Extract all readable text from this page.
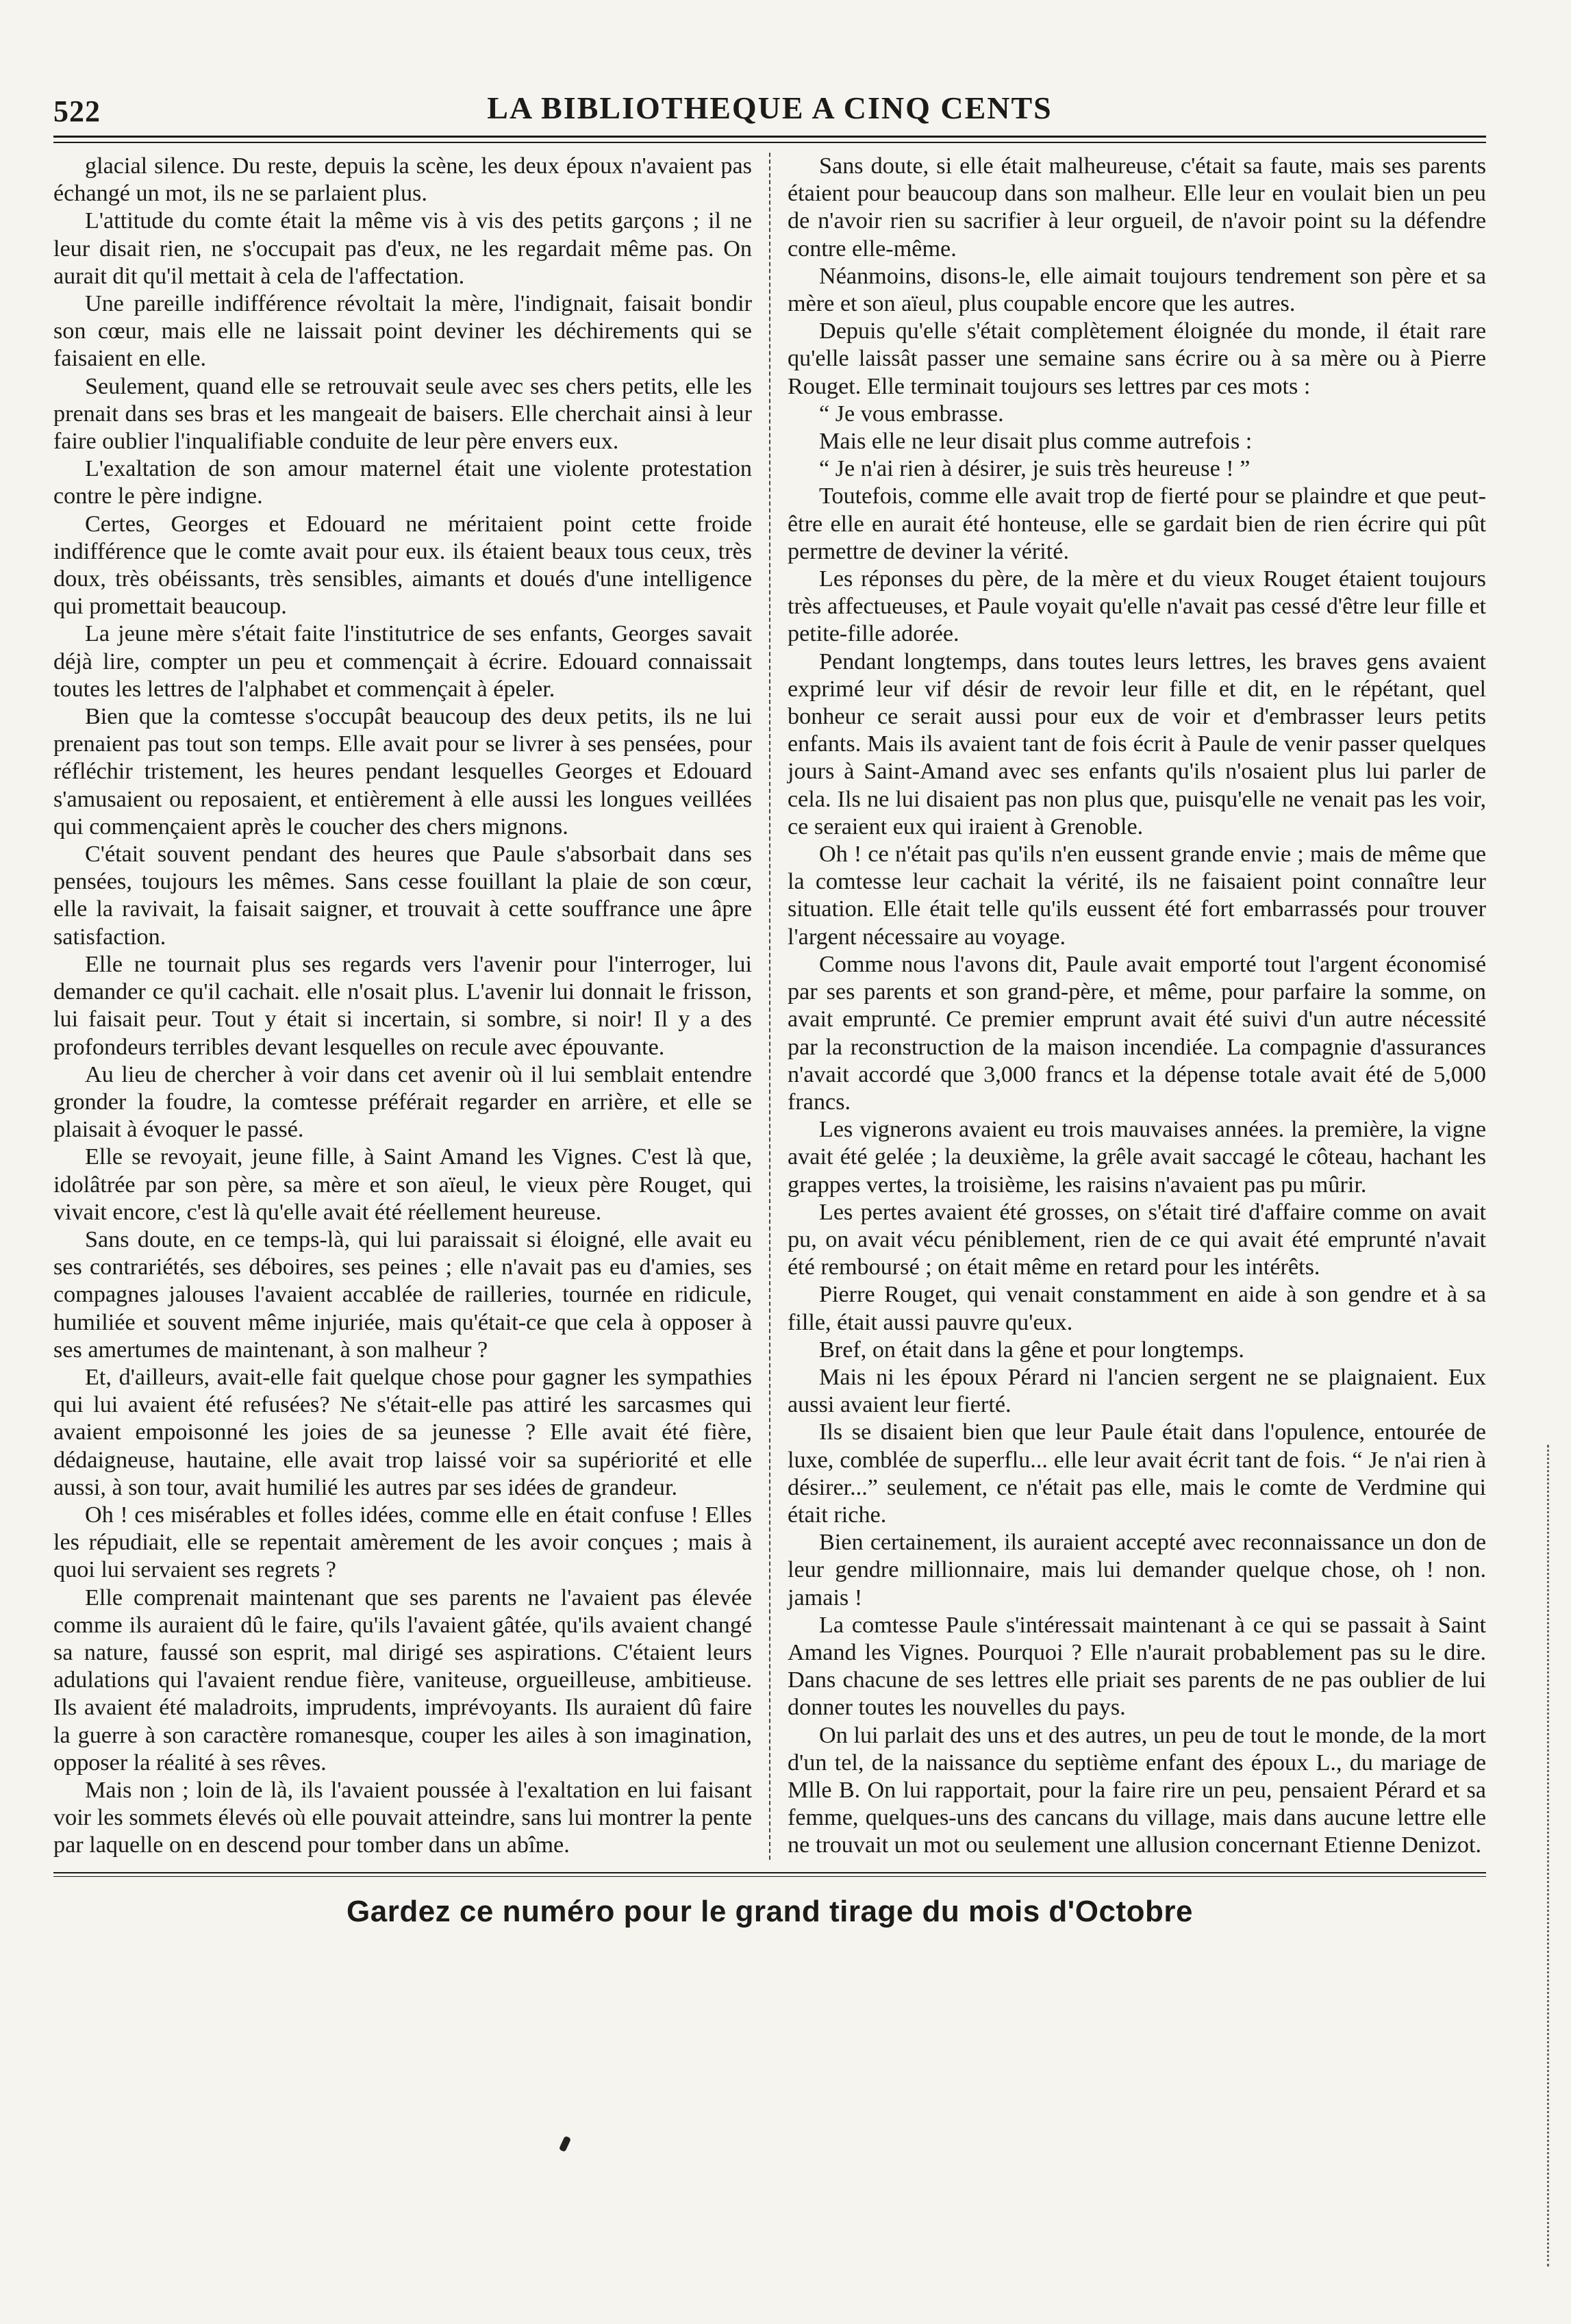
522	LA BIBLIOTHEQUE A CINQ CENTS

glacial silence. Du reste, depuis la scène, les deux époux n'avaient pas échangé un mot, ils ne se parlaient plus.

L'attitude du comte était la même vis à vis des petits garçons ; il ne leur disait rien, ne s'occupait pas d'eux, ne les regardait même pas. On aurait dit qu'il mettait à cela de l'affectation.

Une pareille indifférence révoltait la mère, l'indignait, faisait bondir son cœur, mais elle ne laissait point deviner les déchirements qui se faisaient en elle.

Seulement, quand elle se retrouvait seule avec ses chers petits, elle les prenait dans ses bras et les mangeait de baisers. Elle cherchait ainsi à leur faire oublier l'inqualifiable conduite de leur père envers eux.

L'exaltation de son amour maternel était une violente protestation contre le père indigne.

Certes, Georges et Edouard ne méritaient point cette froide indifférence que le comte avait pour eux. ils étaient beaux tous ceux, très doux, très obéissants, très sensibles, aimants et doués d'une intelligence qui promettait beaucoup.

La jeune mère s'était faite l'institutrice de ses enfants, Georges savait déjà lire, compter un peu et commençait à écrire. Edouard connaissait toutes les lettres de l'alphabet et commençait à épeler.

Bien que la comtesse s'occupât beaucoup des deux petits, ils ne lui prenaient pas tout son temps. Elle avait pour se livrer à ses pensées, pour réfléchir tristement, les heures pendant lesquelles Georges et Edouard s'amusaient ou reposaient, et entièrement à elle aussi les longues veillées qui commençaient après le coucher des chers mignons.

C'était souvent pendant des heures que Paule s'absorbait dans ses pensées, toujours les mêmes. Sans cesse fouillant la plaie de son cœur, elle la ravivait, la faisait saigner, et trouvait à cette souffrance une âpre satisfaction.

Elle ne tournait plus ses regards vers l'avenir pour l'interroger, lui demander ce qu'il cachait. elle n'osait plus. L'avenir lui donnait le frisson, lui faisait peur. Tout y était si incertain, si sombre, si noir! Il y a des profondeurs terribles devant lesquelles on recule avec épouvante.

Au lieu de chercher à voir dans cet avenir où il lui semblait entendre gronder la foudre, la comtesse préférait regarder en arrière, et elle se plaisait à évoquer le passé.

Elle se revoyait, jeune fille, à Saint Amand les Vignes. C'est là que, idolâtrée par son père, sa mère et son aïeul, le vieux père Rouget, qui vivait encore, c'est là qu'elle avait été réellement heureuse.

Sans doute, en ce temps-là, qui lui paraissait si éloigné, elle avait eu ses contrariétés, ses déboires, ses peines ; elle n'avait pas eu d'amies, ses compagnes jalouses l'avaient accablée de railleries, tournée en ridicule, humiliée et souvent même injuriée, mais qu'était-ce que cela à opposer à ses amertumes de maintenant, à son malheur ?

Et, d'ailleurs, avait-elle fait quelque chose pour gagner les sympathies qui lui avaient été refusées? Ne s'était-elle pas attiré les sarcasmes qui avaient empoisonné les joies de sa jeunesse ? Elle avait été fière, dédaigneuse, hautaine, elle avait trop laissé voir sa supériorité et elle aussi, à son tour, avait humilié les autres par ses idées de grandeur.

Oh ! ces misérables et folles idées, comme elle en était confuse ! Elles les répudiait, elle se repentait amèrement de les avoir conçues ; mais à quoi lui servaient ses regrets ?

Elle comprenait maintenant que ses parents ne l'avaient pas élevée comme ils auraient dû le faire, qu'ils l'avaient gâtée, qu'ils avaient changé sa nature, faussé son esprit, mal dirigé ses aspirations. C'étaient leurs adulations qui l'avaient rendue fière, vaniteuse, orgueilleuse, ambitieuse. Ils avaient été maladroits, imprudents, imprévoyants. Ils auraient dû faire la guerre à son caractère romanesque, couper les ailes à son imagination, opposer la réalité à ses rêves.

Mais non ; loin de là, ils l'avaient poussée à l'exaltation en lui faisant voir les sommets élevés où elle pouvait atteindre, sans lui montrer la pente par laquelle on en descend pour tomber dans un abîme.

Sans doute, si elle était malheureuse, c'était sa faute, mais ses parents étaient pour beaucoup dans son malheur. Elle leur en voulait bien un peu de n'avoir rien su sacrifier à leur orgueil, de n'avoir point su la défendre contre elle-même.

Néanmoins, disons-le, elle aimait toujours tendrement son père et sa mère et son aïeul, plus coupable encore que les autres.

Depuis qu'elle s'était complètement éloignée du monde, il était rare qu'elle laissât passer une semaine sans écrire ou à sa mère ou à Pierre Rouget. Elle terminait toujours ses lettres par ces mots :

“ Je vous embrasse.

Mais elle ne leur disait plus comme autrefois :

“ Je n'ai rien à désirer, je suis très heureuse ! ”

Toutefois, comme elle avait trop de fierté pour se plaindre et que peut-être elle en aurait été honteuse, elle se gardait bien de rien écrire qui pût permettre de deviner la vérité.

Les réponses du père, de la mère et du vieux Rouget étaient toujours très affectueuses, et Paule voyait qu'elle n'avait pas cessé d'être leur fille et petite-fille adorée.

Pendant longtemps, dans toutes leurs lettres, les braves gens avaient exprimé leur vif désir de revoir leur fille et dit, en le répétant, quel bonheur ce serait aussi pour eux de voir et d'embrasser leurs petits enfants. Mais ils avaient tant de fois écrit à Paule de venir passer quelques jours à Saint-Amand avec ses enfants qu'ils n'osaient plus lui parler de cela. Ils ne lui disaient pas non plus que, puisqu'elle ne venait pas les voir, ce seraient eux qui iraient à Grenoble.

Oh ! ce n'était pas qu'ils n'en eussent grande envie ; mais de même que la comtesse leur cachait la vérité, ils ne faisaient point connaître leur situation. Elle était telle qu'ils eussent été fort embarrassés pour trouver l'argent nécessaire au voyage.

Comme nous l'avons dit, Paule avait emporté tout l'argent économisé par ses parents et son grand-père, et même, pour parfaire la somme, on avait emprunté. Ce premier emprunt avait été suivi d'un autre nécessité par la reconstruction de la maison incendiée. La compagnie d'assurances n'avait accordé que 3,000 francs et la dépense totale avait été de 5,000 francs.

Les vignerons avaient eu trois mauvaises années. la première, la vigne avait été gelée ; la deuxième, la grêle avait saccagé le côteau, hachant les grappes vertes, la troisième, les raisins n'avaient pas pu mûrir.

Les pertes avaient été grosses, on s'était tiré d'affaire comme on avait pu, on avait vécu péniblement, rien de ce qui avait été emprunté n'avait été remboursé ; on était même en retard pour les intérêts.

Pierre Rouget, qui venait constamment en aide à son gendre et à sa fille, était aussi pauvre qu'eux.

Bref, on était dans la gêne et pour longtemps.

Mais ni les époux Pérard ni l'ancien sergent ne se plaignaient. Eux aussi avaient leur fierté.

Ils se disaient bien que leur Paule était dans l'opulence, entourée de luxe, comblée de superflu... elle leur avait écrit tant de fois. “ Je n'ai rien à désirer...” seulement, ce n'était pas elle, mais le comte de Verdmine qui était riche.

Bien certainement, ils auraient accepté avec reconnaissance un don de leur gendre millionnaire, mais lui demander quelque chose, oh ! non. jamais !

La comtesse Paule s'intéressait maintenant à ce qui se passait à Saint Amand les Vignes. Pourquoi ? Elle n'aurait probablement pas su le dire. Dans chacune de ses lettres elle priait ses parents de ne pas oublier de lui donner toutes les nouvelles du pays.

On lui parlait des uns et des autres, un peu de tout le monde, de la mort d'un tel, de la naissance du septième enfant des époux L., du mariage de Mlle B. On lui rapportait, pour la faire rire un peu, pensaient Pérard et sa femme, quelques-uns des cancans du village, mais dans aucune lettre elle ne trouvait un mot ou seulement une allusion concernant Etienne Denizot.

Gardez ce numéro pour le grand tirage du mois d'Octobre
